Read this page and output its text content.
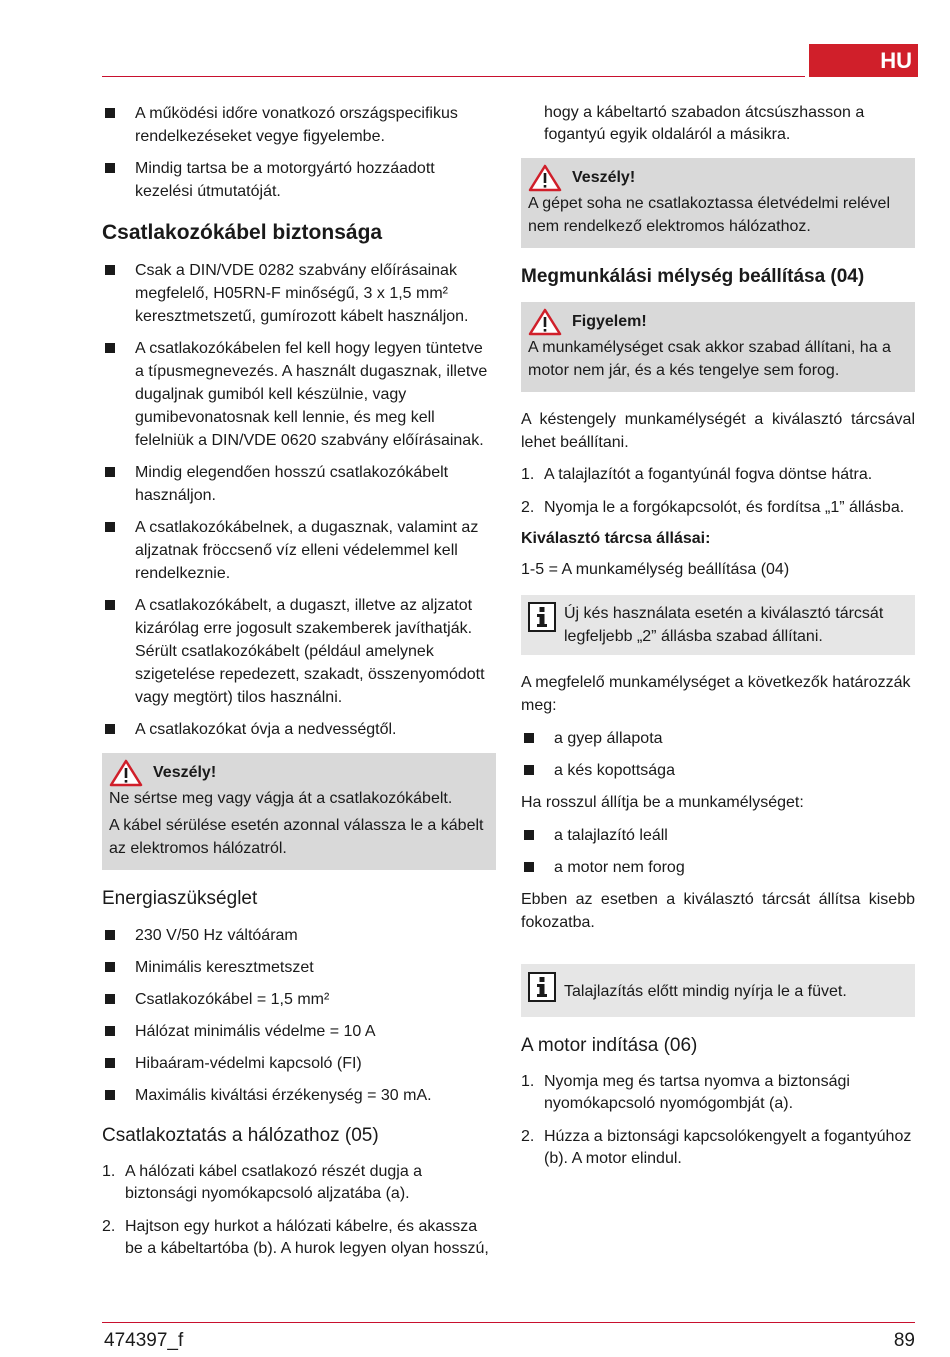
HU
A működési időre vonatkozó országspecifikus rendelkezéseket vegye figyelembe.
Mindig tartsa be a motorgyártó hozzáadott kezelési útmutatóját.
Csatlakozókábel biztonsága
Csak a DIN/VDE 0282 szabvány előírásainak megfelelő, H05RN-F minőségű, 3 x 1,5 mm² keresztmetszetű, gumírozott kábelt használjon.
A csatlakozókábelen fel kell hogy legyen tüntetve a típusmegnevezés. A használt dugasznak, illetve dugaljnak gumiból kell készülnie, vagy gumibevonatosnak kell lennie, és meg kell felelniük a DIN/VDE 0620 szabvány előírásainak.
Mindig elegendően hosszú csatlakozókábelt használjon.
A csatlakozókábelnek, a dugasznak, valamint az aljzatnak fröccsenő víz elleni védelemmel kell rendelkeznie.
A csatlakozókábelt, a dugaszt, illetve az aljzatot kizárólag erre jogosult szakemberek javíthatják. Sérült csatlakozókábelt (például amelynek szigetelése repedezett, szakadt, összenyomódott vagy megtört) tilos használni.
A csatlakozókat óvja a nedvességtől.
Veszély!

Ne sértse meg vagy vágja át a csatlakozókábelt.

A kábel sérülése esetén azonnal válassza le a kábelt az elektromos hálózatról.

Energiaszükséglet
230 V/50 Hz váltóáram
Minimális keresztmetszet
Csatlakozókábel = 1,5 mm²
Hálózat minimális védelme = 10 A
Hibaáram-védelmi kapcsoló (FI)
Maximális kiváltási érzékenység = 30 mA.
Csatlakoztatás a hálózathoz (05)
1. A hálózati kábel csatlakozó részét dugja a biztonsági nyomókapcsoló aljzatába (a).
2. Hajtson egy hurkot a hálózati kábelre, és akassza be a kábeltartóba (b). A hurok legyen olyan hosszú,
hogy a kábeltartó szabadon átcsúszhasson a fogantyú egyik oldaláról a másikra.
Veszély!

A gépet soha ne csatlakoztassa életvédelmi relével nem rendelkező elektromos hálózathoz.

Megmunkálási mélység beállítása (04)
Figyelem!

A munkamélységet csak akkor szabad állítani, ha a motor nem jár, és a kés tengelye sem forog.

A késtengely munkamélységét a kiválasztó tárcsával lehet beállítani.

1. A talajlazítót a fogantyúnál fogva döntse hátra.
2. Nyomja le a forgókapcsolót, és fordítsa „1” állásba.
Kiválasztó tárcsa állásai:

1-5 = A munkamélység beállítása (04)

Új kés használata esetén a kiválasztó tárcsát legfeljebb „2” állásba szabad állítani.

A megfelelő munkamélységet a következők határozzák meg:

a gyep állapota
a kés kopottsága

Ha rosszul állítja be a munkamélységet:

a talajlazító leáll
a motor nem forog

Ebben az esetben a kiválasztó tárcsát állítsa kisebb fokozatba.

Talajlazítás előtt mindig nyírja le a füvet.
A motor indítása (06)
1. Nyomja meg és tartsa nyomva a biztonsági nyomókapcsoló nyomógombját (a).
2. Húzza a biztonsági kapcsolókengyelt a fogantyúhoz (b). A motor elindul.
474397_f	89
